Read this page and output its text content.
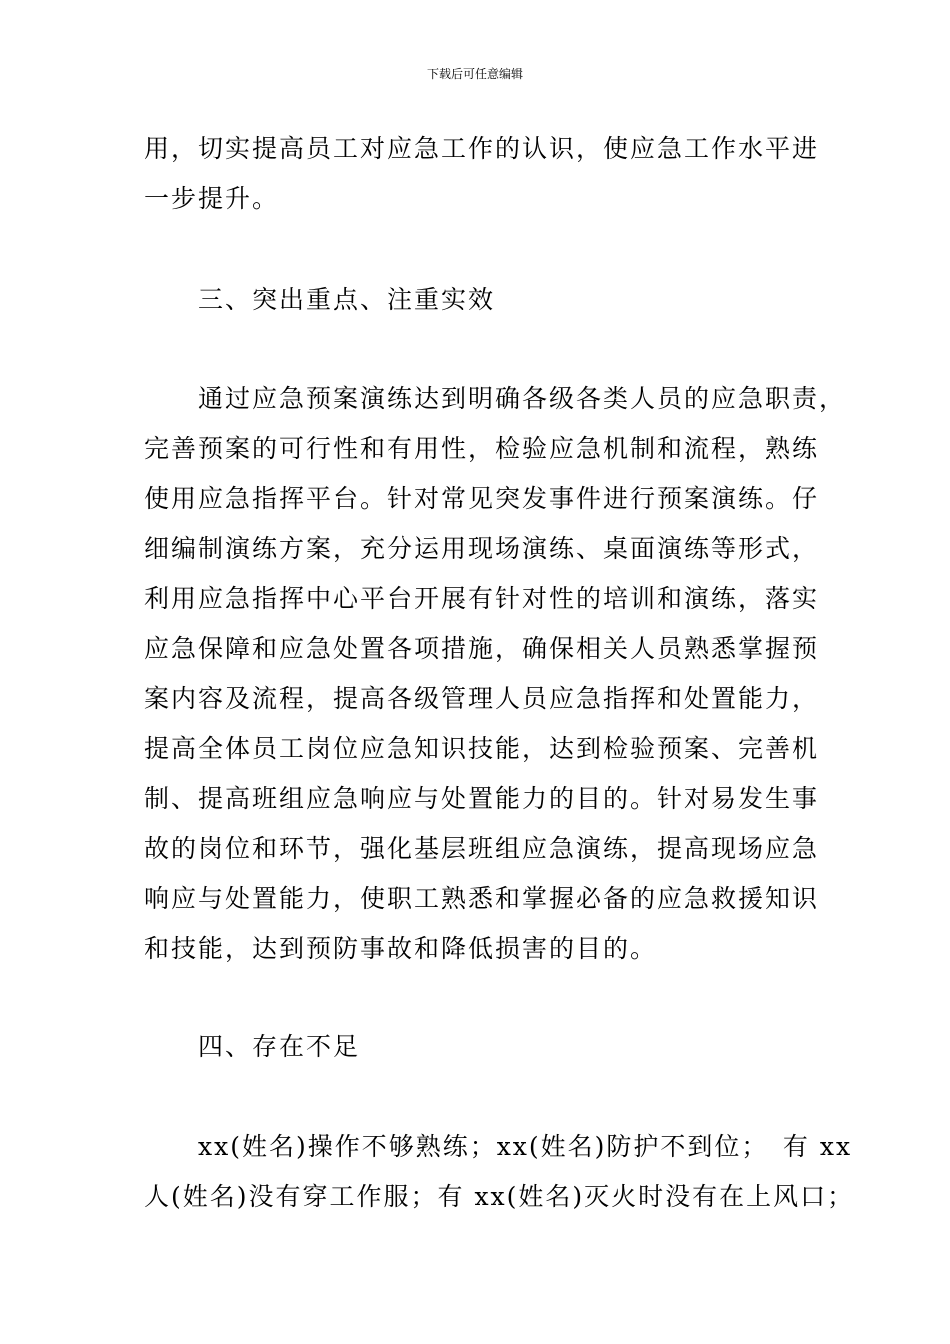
下载后可任意编辑
用，切实提高员工对应急工作的认识，使应急工作水平进
一步提升。
三、突出重点、注重实效
通过应急预案演练达到明确各级各类人员的应急职责，
完善预案的可行性和有用性，检验应急机制和流程，熟练
使用应急指挥平台。针对常见突发事件进行预案演练。仔
细编制演练方案，充分运用现场演练、桌面演练等形式，
利用应急指挥中心平台开展有针对性的培训和演练，落实
应急保障和应急处置各项措施，确保相关人员熟悉掌握预
案内容及流程，提高各级管理人员应急指挥和处置能力，
提高全体员工岗位应急知识技能，达到检验预案、完善机
制、提高班组应急响应与处置能力的目的。针对易发生事
故的岗位和环节，强化基层班组应急演练，提高现场应急
响应与处置能力，使职工熟悉和掌握必备的应急救援知识
和技能，达到预防事故和降低损害的目的。
四、存在不足
xx(姓名)操作不够熟练；xx(姓名)防护不到位；　有 xx
人(姓名)没有穿工作服；有 xx(姓名)灭火时没有在上风口；
